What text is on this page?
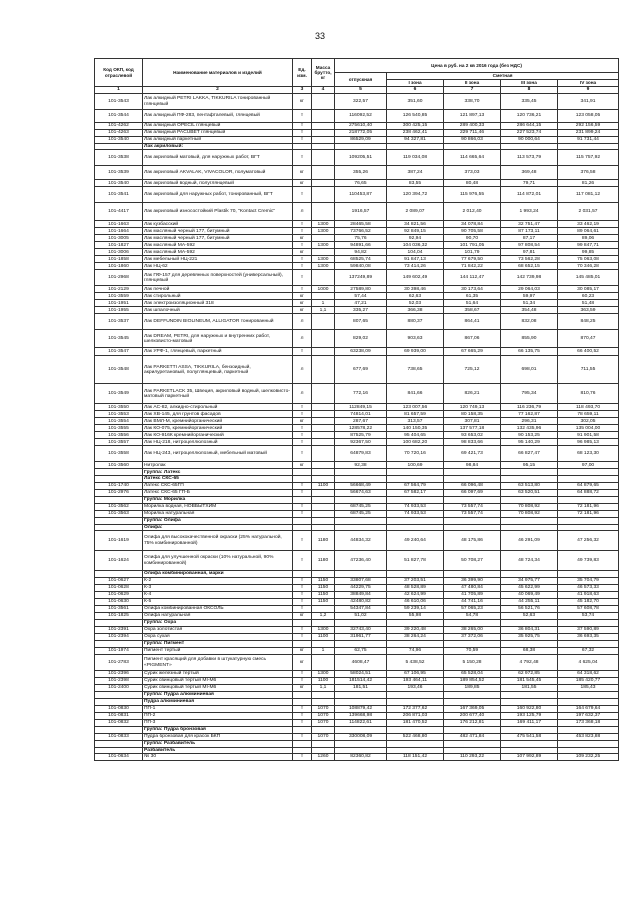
33
Код ОКП, код отраслевой	Наименование материалов и изделий	Ед. изм.	Масса брутто, кг	Цена в руб. на 2 кв 2016 года (без НДС)				
				отпускная	Сметная			
					I зона	II зона	III зона	IV зона
1	2	3	4	5	6	7	8	9
101-3543	Лак алкидный PETRI LAKKA, TIKKURILA тонированный глянцевый	кг		322,57	351,60	338,70	335,45	341,91
101-3544	Лак алкидный ПФ-283, пентафталевый, глянцевый	т		116092,52	126 540,85	121 897,13	120 736,21	123 058,05
101-4262	Лак алкидный OPECIL глянцевый	т		275610,40	300 425,15	289 400,33	286 644,15	292 156,59
101-4263	Лак алкидный PACUBET глянцевый	т		218772,05	238 462,41	229 711,46	227 523,74	231 899,24
101-3540	Лак алкидный паркетный	т		86529,09	94 327,81	90 866,03	90 000,64	91 731,44
	Лак акриловый:							
101-3538	Лак акриловый матовый, для наружных работ, ВГТ	т		109205,51	119 034,08	114 665,64	113 573,79	115 757,92
101-3539	Лак акриловый AKVALAK, VIVACOLOR, полуматовый	кг		355,26	387,24	373,03	369,48	376,58
101-3540	Лак акриловый водный, полуглянцевый	кг		76,65	83,55	80,48	79,71	81,26
101-3541	Лак акриловый для наружных работ, тонированный, ВГТ	т		110453,87	120 394,72	115 976,55	114 872,01	117 081,12
101-4417	Лак акриловый износостойкий Plastik 70, "Kontact Cremic"	л		1916,57	2 089,07	2 012,40	1 993,24	2 031,57
101-1663	Лак кузбасский	т	1300	28465,58	34 821,56	34 078,84	32 751,47	33 462,19
101-1664	Лак масляный черный 177, битумный	т	1300	73766,52	92 849,15	90 705,58	87 173,11	89 064,61
101-3005	Лак масляный черный 177, битумный	кг		75,76	92,94	90,70	87,17	89,06
101-1827	Лак масляный МА-592	т	1300	94891,66	104 036,32	101 791,05	97 808,54	99 847,71
101-3006	Лак масляный МА-592	кг		94,82	104,04	101,79	97,81	99,85
101-1858	Лак мебельный НЦ-221	т	1300	68525,74	91 847,13	77 679,50	73 562,28	75 063,08
101-1860	Лак НЦ-62	т	1300	59840,08	73 414,26	71 842,22	68 652,15	70 346,28
101-2968	Лак ПФ-157 для деревянных поверхностей (универсальный), глянцевый	т		137249,89	149 602,49	144 112,47	142 739,98	145 485,01
101-2129	Лак печной	т	1000	27589,80	30 398,46	30 173,64	29 064,03	30 085,17
101-3559	Лак стирольный	кг		57,44	62,63	61,35	59,97	60,23
101-1951	Лак электроизоляционный 318	кг	1	47,21	52,03	51,64	51,34	51,48
101-1955	Лак шпалочный	кг	1,1	335,27	366,38	358,67	354,48	363,59
101-3537	Лак DEFFUNDIN BIOLINEUM, ALLIGATOR тонированный	л		807,65	880,37	864,41	832,08	848,25
101-3545	Лак DREAM, PETRI, для наружных и внутренних работ, шелковисто-матовый	л		829,02	903,63	867,06	855,90	870,47
101-3547	Лак УРФ-1, глянцевый, паркетный	т		63238,09	69 939,00	67 665,29	66 135,75	66 400,52
101-3548	Лак PARKETTI ASSA, TIKKURILA, бензоидный, акрилуретановый, полуглянцевый, паркетный	л		677,69	738,65	725,12	698,01	711,55
101-3549	Лак PARKETLACK 35, Швеция, акриловый водный, шелковисто-матовый паркетный	л		772,16	841,66	826,21	795,34	810,76
101-3550	Лак АС-82, алкидно-стирольный	т		112849,15	123 007,56	120 749,13	116 236,79	118 493,70
101-3553	Лак ХВ-145, для грунтов фасадов	т		74814,01	81 657,59	80 158,35	77 162,87	78 659,11
101-3554	Лак ВМЛ-М, кремнийорганический	кг		287,67	313,57	307,81	296,31	302,05
101-3555	Лак КО-075, кремнийорганический	т		128578,22	140 150,35	137 577,18	132 435,96	135 004,00
101-3556	Лак КО-916К кремнийорганический	т		87525,79	95 404,65	93 653,02	90 153,25	91 901,58
101-3557	Лак НЦ-218, нитроцеллюлозный	т		92367,50	100 682,20	98 833,66	95 140,29	96 985,13
101-3558	Лак НЦ-243, нитроцеллюлозный, мебельный матовый	т		64879,83	70 720,16	69 421,73	66 827,47	68 123,30
101-3560	Нитролак	кг		92,38	100,69	98,84	95,15	97,00
	Группа: Латекс							
	Латекс СКС-65							
101-1740	Латекс СКС-65ГП	т	1100	56668,49	67 564,79	66 096,48	63 513,80	64 879,65
101-2976	Латекс СКС-65 ГП-Б	т		56674,63	67 582,17	66 097,69	63 520,51	64 888,72
	Группа: Морилка							
101-3562	Морилка водная, НОВБЫТХИМ	т		68745,25	74 933,53	73 557,74	70 808,92	72 181,96
101-3563	Морилка натуральная	т		68745,25	74 933,53	73 557,74	70 808,92	72 181,96
	Группа: Олифа							
	Олифа:							
101-1619	Олифа для высококачественной окраски (25% натуральной, 75% комбинированной)	т	1180	44834,32	49 240,64	48 175,86	46 291,09	47 256,32
101-1624	Олифа для улучшенной окраски (10% натуральной, 90% комбинированной)	т	1180	47236,40	51 827,78	50 708,27	48 724,34	49 739,83
	Олифа комбинированная, марки							
101-0627	К-2	т	1150	33807,68	37 203,51	36 399,90	34 975,77	35 704,79
101-0628	К-3	т	1150	44229,75	48 528,89	47 480,84	45 622,99	46 573,33
101-0629	К-4	т	1150	38849,84	42 624,99	41 705,89	40 069,49	41 918,63
101-0630	К-5	т	1150	42480,82	46 610,06	44 741,16	44 255,11	45 182,70
101-3561	Олифа комбинированная ОКСОЛЬ	т		54347,84	59 239,14	57 065,23	56 521,76	57 608,78
101-1825	Олифа натуральная	кг	1,2	51,02	55,98	54,78	52,63	53,74
	Группа: Охра							
101-2391	Охра золотистая	т	1300	32743,40	39 220,48	38 265,00	36 804,31	37 590,89
101-2394	Охра сухая	т	1100	31961,77	38 264,24	37 372,06	35 925,75	36 693,35
	Группа: Пигмент							
101-1974	Пигмент тертый	кг	1	62,75	74,96	70,59	68,38	67,32
101-2783	Пигмент красящий для добавки в штукатурную смесь «PIGMENT»	кг		4608,47	5 438,52	5 150,28	4 792,48	4 625,04
101-2396	Сурик железный тертый	т	1300	58024,51	67 106,95	65 528,04	62 972,85	64 318,62
101-2398	Сурик свинцовый тертый МI-М6	т	1100	181514,42	193 464,11	189 854,52	181 545,45	185 420,77
101-2400	Сурик свинцовый тертый МI-М6	кг	1,1	181,51	193,46	189,85	181,55	185,43
	Группа: Пудра алюминиевая							
	Пудра алюминиевая							
101-0830	ПП-1	т	1070	108879,42	172 377,62	167 369,05	160 922,80	164 679,64
101-0831	ПП-2	т	1070	139668,98	206 871,03	200 677,40	193 125,79	197 632,37
101-0832	ПП-3	т	1070	114822,61	181 470,52	176 212,81	169 411,17	173 368,18
	Группа: Пудра бронзовая							
101-0833	Пудра бронзовая для красок БКП	т	1070	330008,09	522 468,80	482 471,84	475 541,58	453 823,88
	Группа: Разбавитель							
	Разбавитель							
101-0634	№ 30	т	1260	82360,82	118 151,42	110 293,22	107 992,89	109 232,25
